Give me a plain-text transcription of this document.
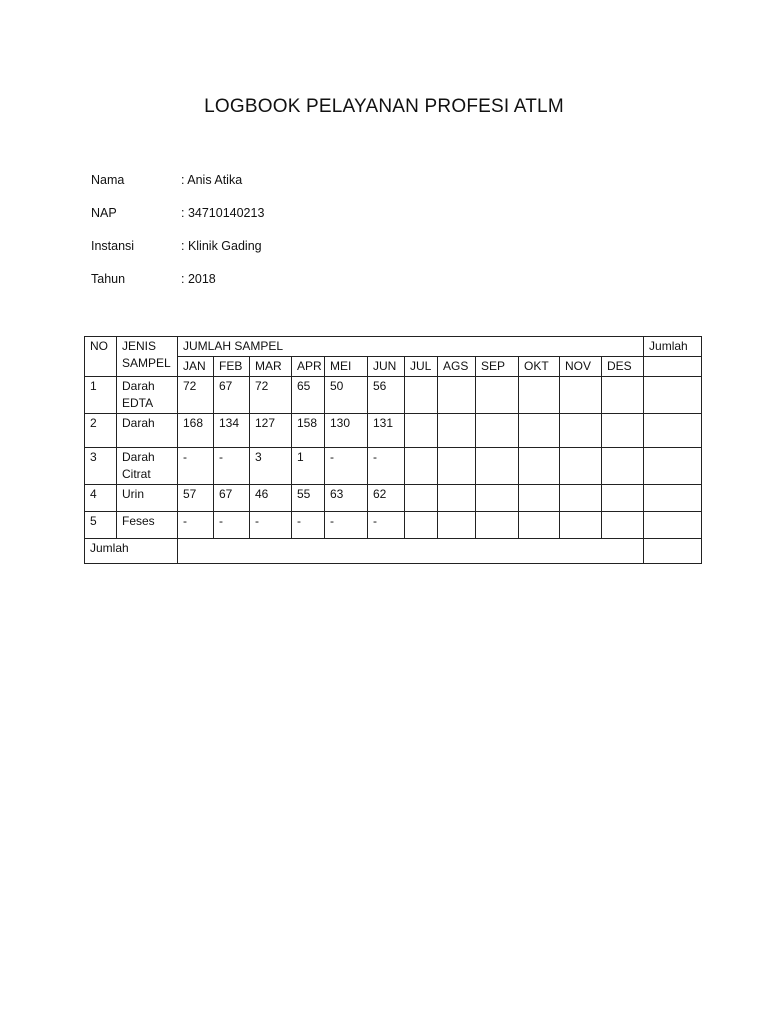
LOGBOOK PELAYANAN PROFESI ATLM
Nama	: Anis Atika
NAP	: 34710140213
Instansi	: Klinik Gading
Tahun	: 2018
NO	JENIS SAMPEL	JUMLAH SAMPEL												Jumlah
		JAN	FEB	MAR	APR	MEI	JUN	JUL	AGS	SEP	OKT	NOV	DES	
1	Darah EDTA	72	67	72	65	50	56							
2	Darah	168	134	127	158	130	131							
3	Darah Citrat	-	-	3	1	-	-							
4	Urin	57	67	46	55	63	62							
5	Feses	-	-	-	-	-	-							
Jumlah														
